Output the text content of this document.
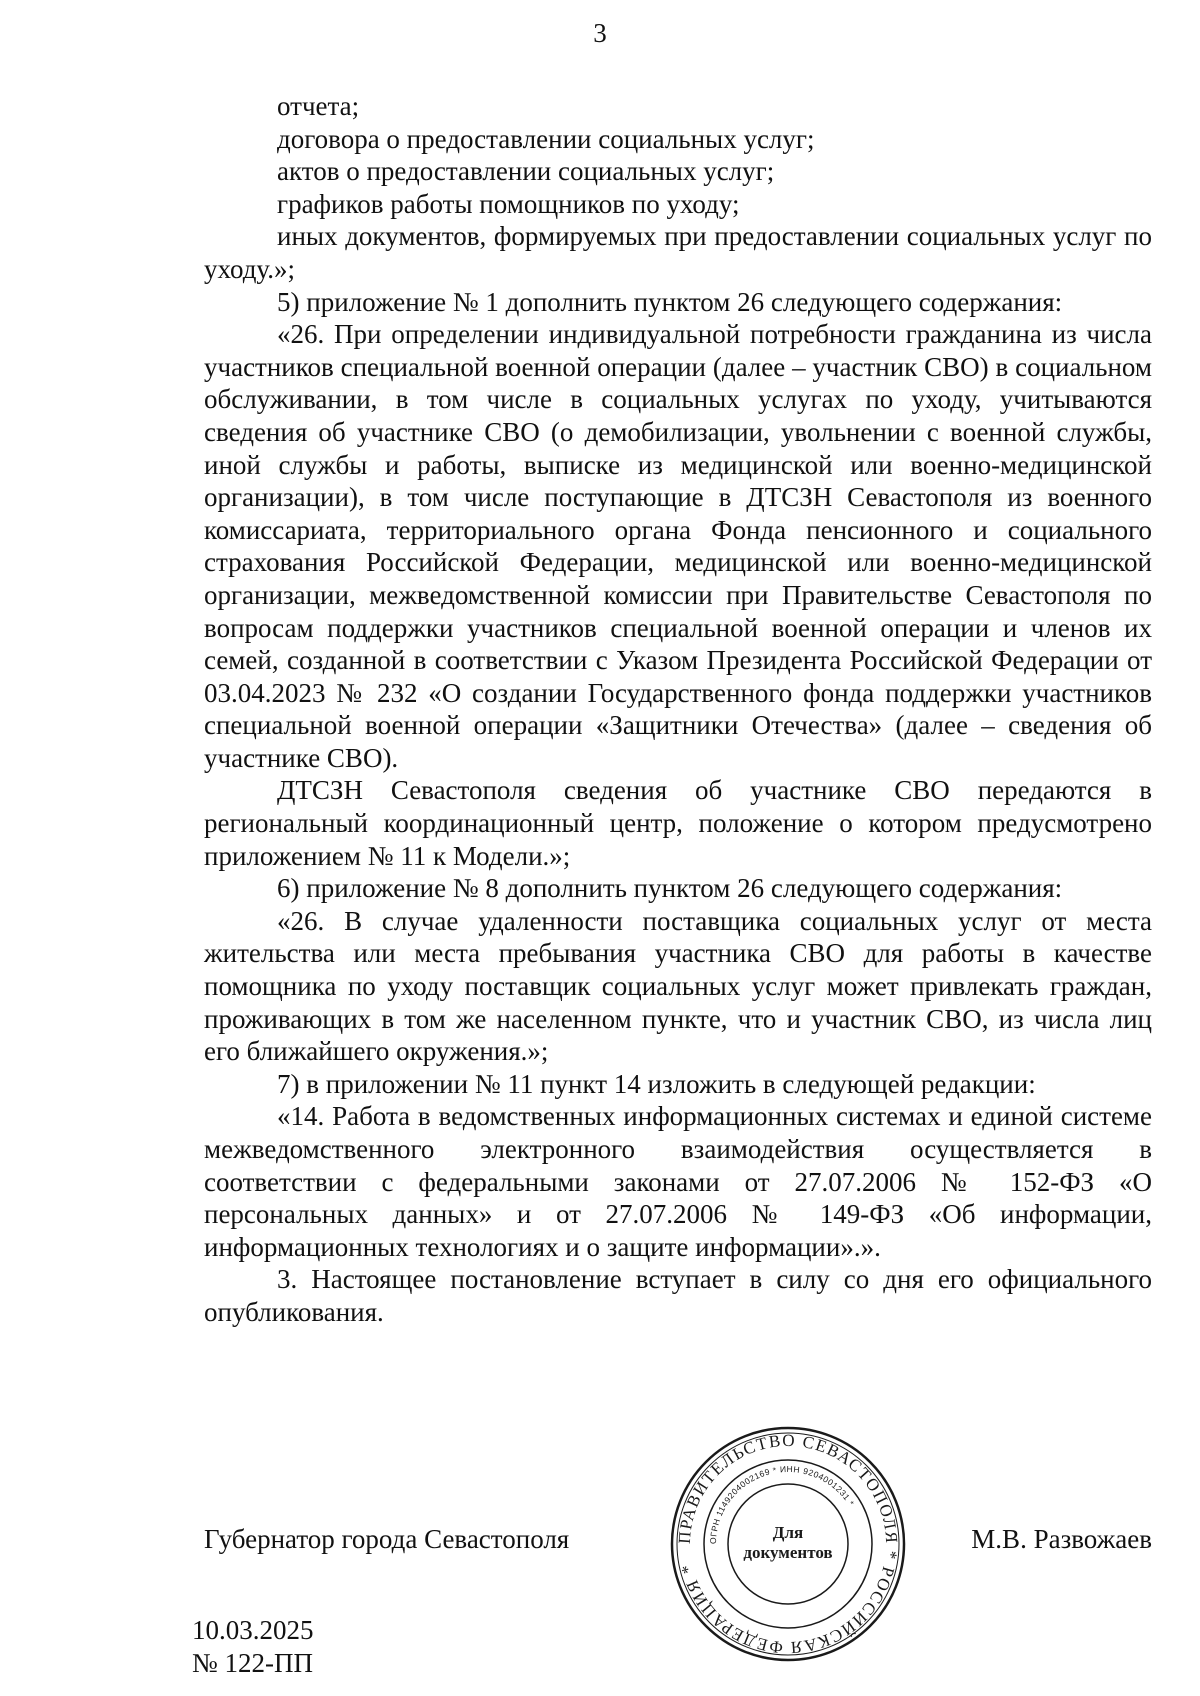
3

отчета;

договора о предоставлении социальных услуг;

актов о предоставлении социальных услуг;

графиков работы помощников по уходу;

иных документов, формируемых при предоставлении социальных услуг по уходу.»;

5) приложение № 1 дополнить пунктом 26 следующего содержания:

«26. При определении индивидуальной потребности гражданина из числа участников специальной военной операции (далее – участник СВО) в социальном обслуживании, в том числе в социальных услугах по уходу, учитываются сведения об участнике СВО (о демобилизации, увольнении с военной службы, иной службы и работы, выписке из медицинской или военно-медицинской организации), в том числе поступающие в ДТСЗН Севастополя из военного комиссариата, территориального органа Фонда пенсионного и социального страхования Российской Федерации, медицинской или военно-медицинской организации, межведомственной комиссии при Правительстве Севастополя по вопросам поддержки участников специальной военной операции и членов их семей, созданной в соответствии с Указом Президента Российской Федерации от 03.04.2023 № 232 «О создании Государственного фонда поддержки участников специальной военной операции «Защитники Отечества» (далее – сведения об участнике СВО).

ДТСЗН Севастополя сведения об участнике СВО передаются в региональный координационный центр, положение о котором предусмотрено приложением № 11 к Модели.»;

6) приложение № 8 дополнить пунктом 26 следующего содержания:

«26. В случае удаленности поставщика социальных услуг от места жительства или места пребывания участника СВО для работы в качестве помощника по уходу поставщик социальных услуг может привлекать граждан, проживающих в том же населенном пункте, что и участник СВО, из числа лиц его ближайшего окружения.»;

7) в приложении № 11 пункт 14 изложить в следующей редакции:

«14. Работа в ведомственных информационных системах и единой системе межведомственного электронного взаимодействия осуществляется в соответствии с федеральными законами от 27.07.2006 № 152-ФЗ «О персональных данных» и от 27.07.2006 № 149-ФЗ «Об информации, информационных технологиях и о защите информации».».

3. Настоящее постановление вступает в силу со дня его официального опубликования.

Губернатор города Севастополя	М.В. Развожаев
ПРАВИТЕЛЬСТВО СЕВАСТОПОЛЯ * РОССИЙСКАЯ ФЕДЕРАЦИЯ *
ОГРН 1149204002169 * ИНН 9204001231 *
Для
документов
10.03.2025
№ 122-ПП
